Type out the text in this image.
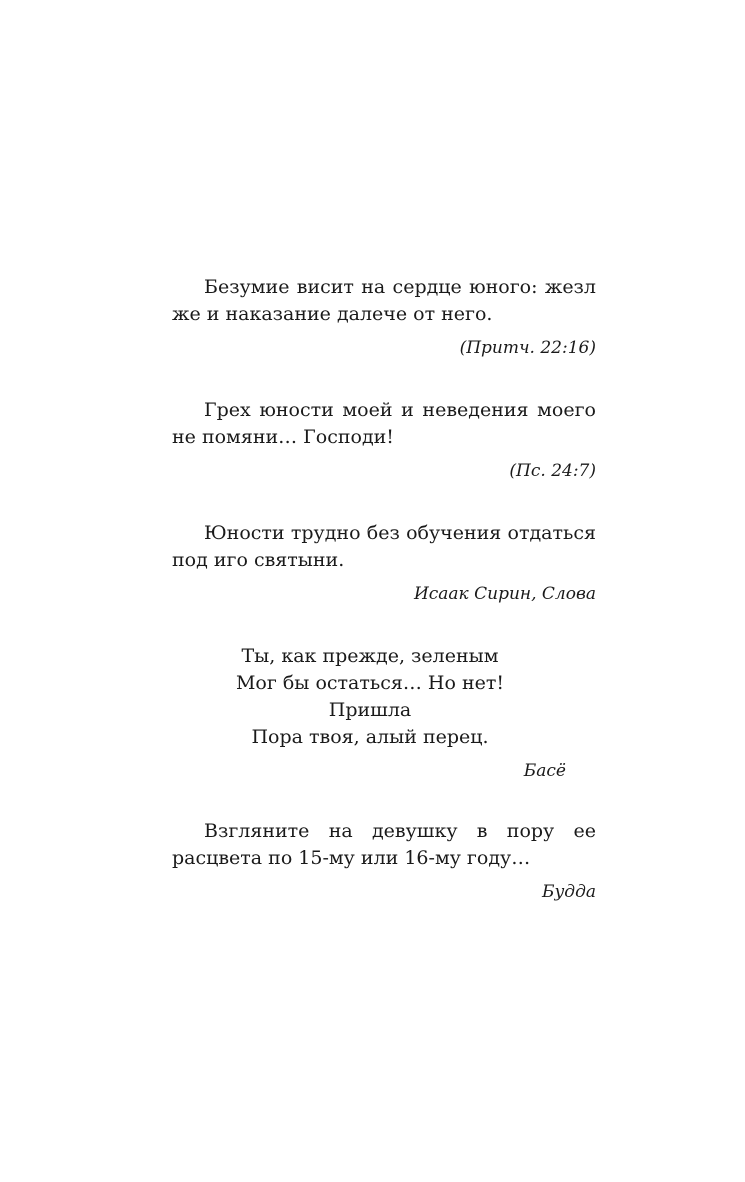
Безумие висит на сердце юного: жезл же и наказание далече от него.

(Притч. 22:16)

Грех юности моей и неведения моего не помяни… Господи!

(Пс. 24:7)

Юности трудно без обучения отдаться под иго святыни.

Исаак Сирин, Слова
Ты, как прежде, зеленым
Мог бы остаться… Но нет! Пришла
Пора твоя, алый перец.
Басё

Взгляните на девушку в пору ее расцвета по 15-му или 16-му году…

Будда
